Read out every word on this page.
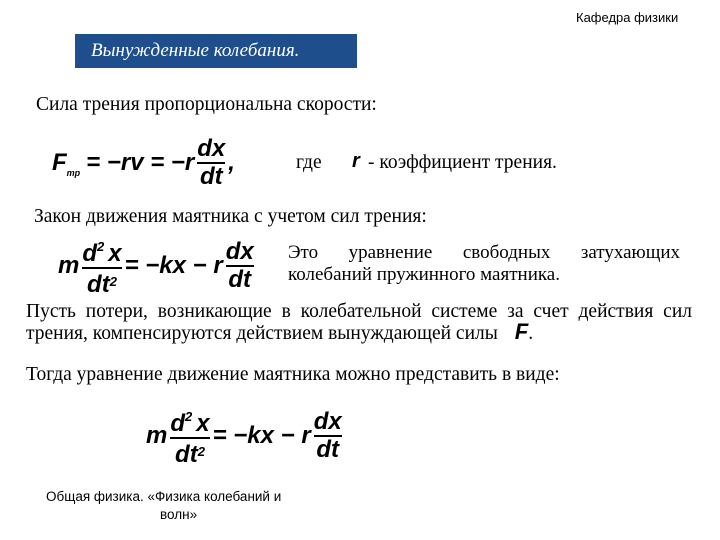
Кафедра физики
Вынужденные колебания.
Сила трения пропорциональна скорости:
$F_{тр} = -rv = -r \frac{dx}{dt}$ ,	где r - коэффициент трения.
Закон движения маятника с учетом сил трения:
m $\frac{d^2 x}{dt^2} = -kx - r \frac{dx}{dt}$ Это уравнение свободных затухающих колебаний пружинного маятника.
Пусть потери, возникающие в колебательной системе за счет действия сил трения, компенсируются действием вынуждающей силы F.
Тогда уравнение движение маятника можно представить в виде:
m $\frac{d^2 x}{dt^2} = -kx - r \frac{dx}{dt}$
Общая физика. «Физика колебаний и
волн»
